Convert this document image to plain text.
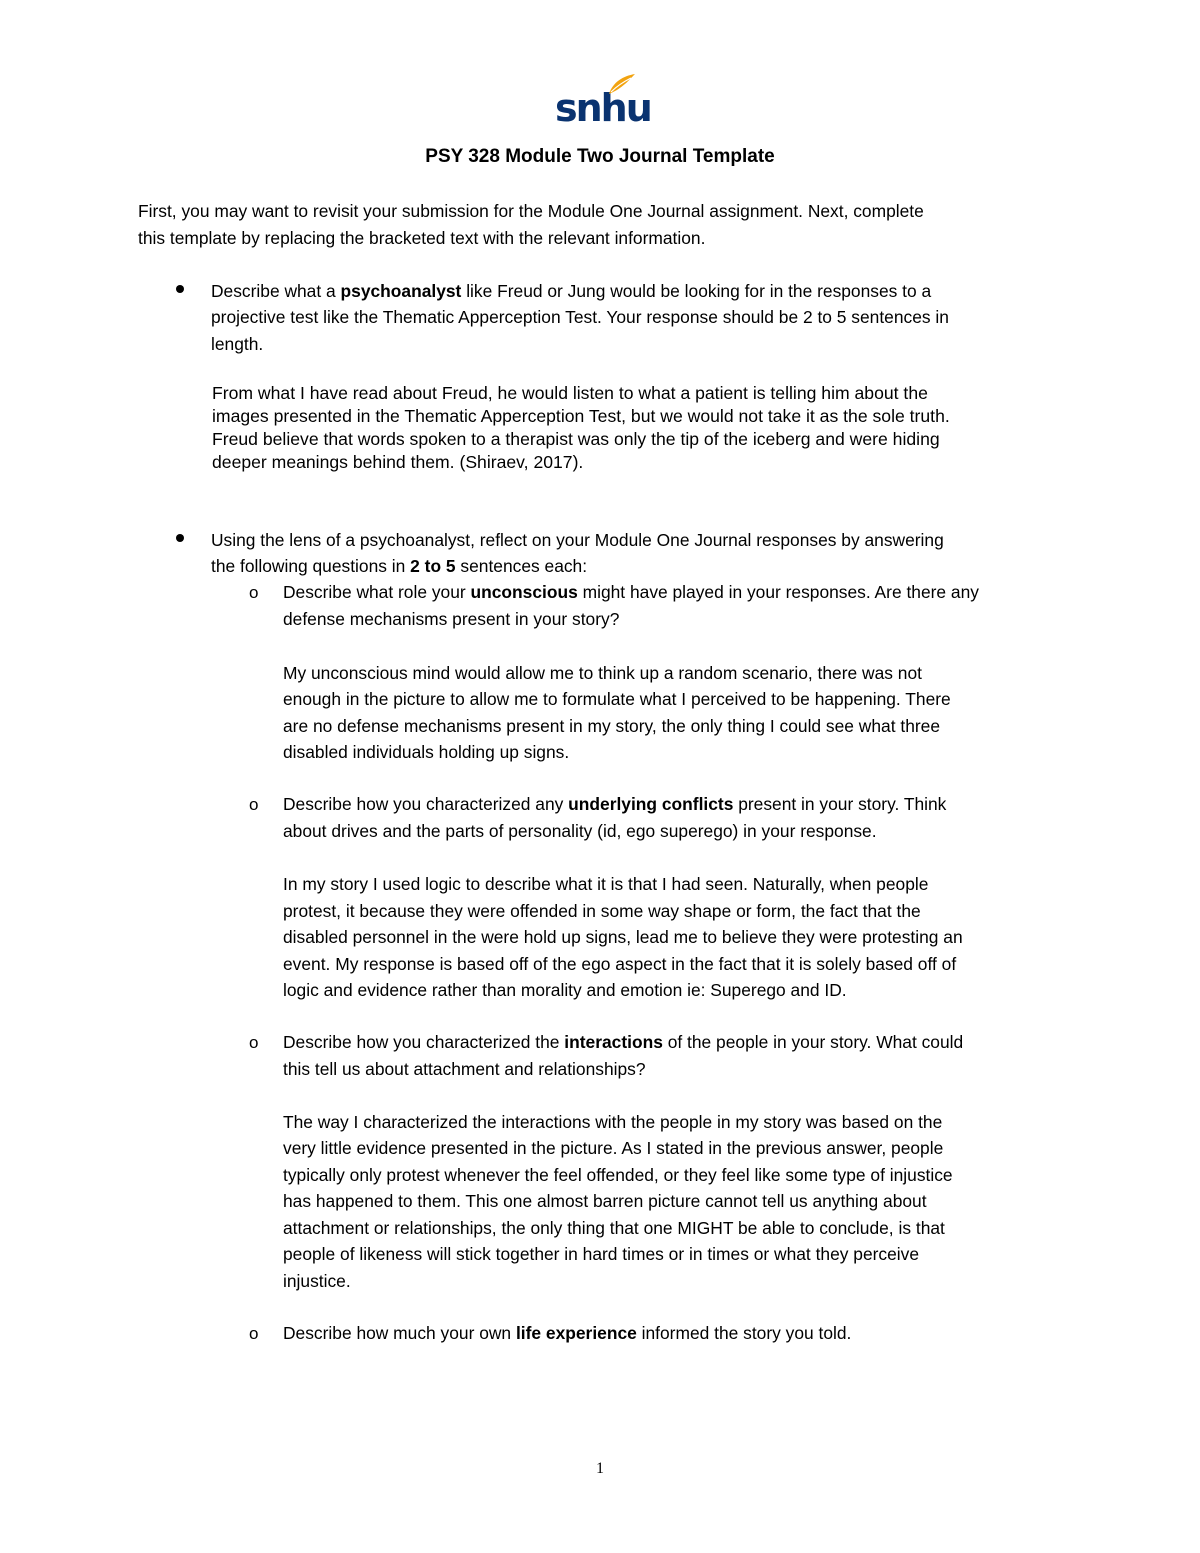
snhu
PSY 328 Module Two Journal Template

First, you may want to revisit your submission for the Module One Journal assignment. Next, complete

this template by replacing the bracketed text with the relevant information.

Describe what a psychoanalyst like Freud or Jung would be looking for in the responses to a

projective test like the Thematic Apperception Test. Your response should be 2 to 5 sentences in

length.

From what I have read about Freud, he would listen to what a patient is telling him about the

images presented in the Thematic Apperception Test, but we would not take it as the sole truth.

Freud believe that words spoken to a therapist was only the tip of the iceberg and were hiding

deeper meanings behind them. (Shiraev, 2017).

Using the lens of a psychoanalyst, reflect on your Module One Journal responses by answering

the following questions in 2 to 5 sentences each:

o Describe what role your unconscious might have played in your responses. Are there any

defense mechanisms present in your story?

My unconscious mind would allow me to think up a random scenario, there was not

enough in the picture to allow me to formulate what I perceived to be happening. There

are no defense mechanisms present in my story, the only thing I could see what three

disabled individuals holding up signs.

o Describe how you characterized any underlying conflicts present in your story. Think

about drives and the parts of personality (id, ego superego) in your response.

In my story I used logic to describe what it is that I had seen. Naturally, when people

protest, it because they were offended in some way shape or form, the fact that the

disabled personnel in the were hold up signs, lead me to believe they were protesting an

event. My response is based off of the ego aspect in the fact that it is solely based off of

logic and evidence rather than morality and emotion ie: Superego and ID.

o Describe how you characterized the interactions of the people in your story. What could

this tell us about attachment and relationships?

The way I characterized the interactions with the people in my story was based on the

very little evidence presented in the picture. As I stated in the previous answer, people

typically only protest whenever the feel offended, or they feel like some type of injustice

has happened to them. This one almost barren picture cannot tell us anything about

attachment or relationships, the only thing that one MIGHT be able to conclude, is that

people of likeness will stick together in hard times or in times or what they perceive

injustice.

o Describe how much your own life experience informed the story you told.

1
